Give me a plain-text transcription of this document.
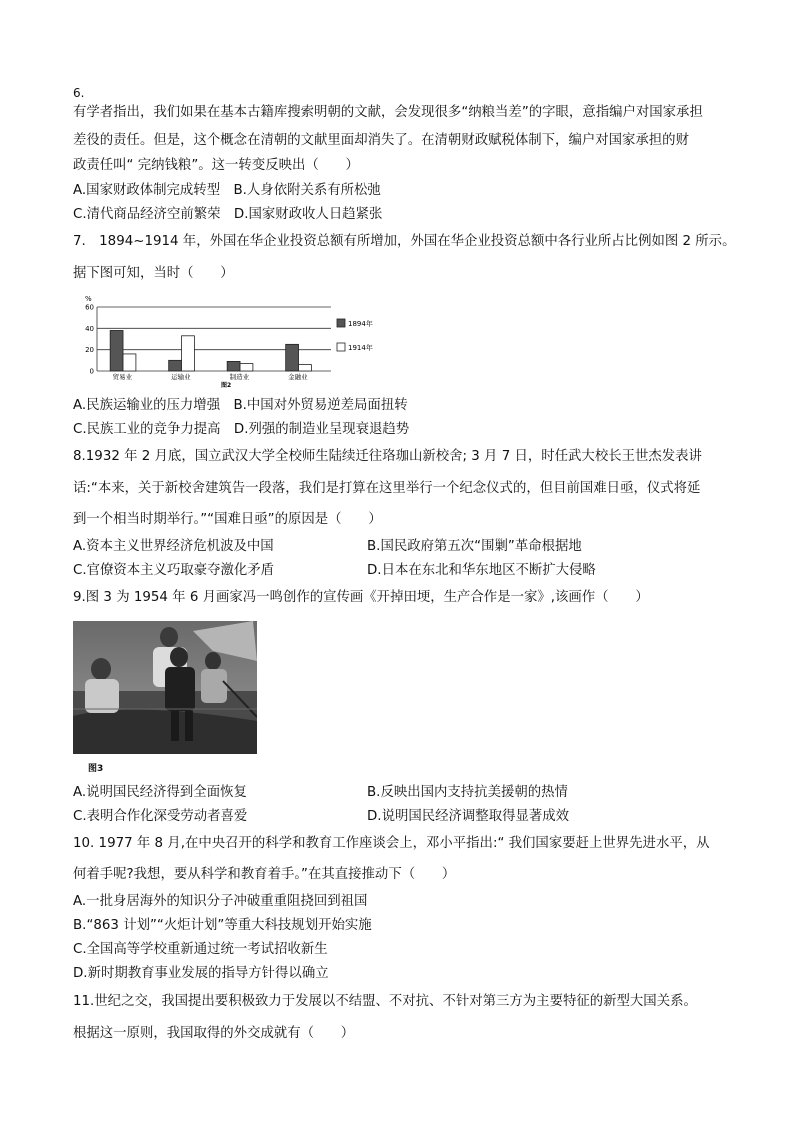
6.
有学者指出，我们如果在基本古籍库搜索明朝的文献，会发现很多“纳粮当差”的字眼，意指编户对国家承担
差役的责任。但是，这个概念在清朝的文献里面却消失了。在清朝财政赋税体制下，编户对国家承担的财
政责任叫“ 完纳钱粮”。这一转变反映出（　　）
A.国家财政体制完成转型　B.人身依附关系有所松弛
C.清代商品经济空前繁荣　D.国家财政收人日趋紧张
7.　1894~1914 年，外国在华企业投资总额有所增加，外国在华企业投资总额中各行业所占比例如图 2 所示。
据下图可知，当时（　　）
%
0
20
40
60
贸易业	运输业	制造业	金融业
1894年
1914年
图2
A.民族运输业的压力增强　B.中国对外贸易逆差局面扭转
C.民族工业的竞争力提高　D.列强的制造业呈现衰退趋势
8.1932 年 2 月底，国立武汉大学全校师生陆续迁往珞珈山新校舍; 3 月 7 日，时任武大校长王世杰发表讲
话:“本来，关于新校舍建筑告一段落，我们是打算在这里举行一个纪念仪式的，但目前国难日亟，仪式将延
到一个相当时期举行。”“国难日亟”的原因是（　　）
A.资本主义世界经济危机波及中国	B.国民政府第五次“围剿”革命根据地
C.官僚资本主义巧取豪夺激化矛盾	D.日本在东北和华东地区不断扩大侵略
9.图 3 为 1954 年 6 月画家冯一鸣创作的宣传画《开掉田埂，生产合作是一家》,该画作（　　）
图3
A.说明国民经济得到全面恢复	B.反映出国内支持抗美援朝的热情
C.表明合作化深受劳动者喜爱	D.说明国民经济调整取得显著成效
10. 1977 年 8 月,在中央召开的科学和教育工作座谈会上，邓小平指出:“ 我们国家要赶上世界先进水平，从
何着手呢?我想，要从科学和教育着手。”在其直接推动下（　　）
A.一批身居海外的知识分子冲破重重阻挠回到祖国
B.“863 计划”“火炬计划”等重大科技规划开始实施
C.全国高等学校重新通过统一考试招收新生
D.新时期教育事业发展的指导方针得以确立
11.世纪之交，我国提出要积极致力于发展以不结盟、不对抗、不针对第三方为主要特征的新型大国关系。
根据这一原则，我国取得的外交成就有（　　）
